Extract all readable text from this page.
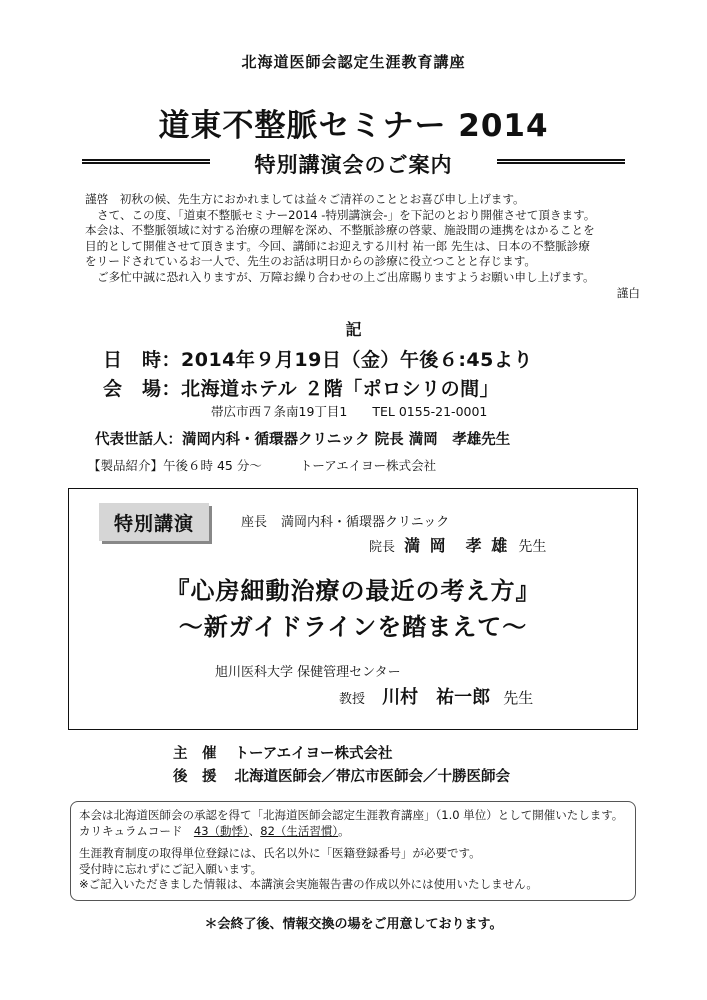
北海道医師会認定生涯教育講座
道東不整脈セミナー 2014
特別講演会のご案内

謹啓　初秋の候、先生方におかれましては益々ご清祥のこととお喜び申し上げます。

さて、この度、「道東不整脈セミナー2014 -特別講演会-」を下記のとおり開催させて頂きます。

本会は、不整脈領域に対する治療の理解を深め、不整脈診療の啓蒙、施設間の連携をはかることを

目的として開催させて頂きます。今回、講師にお迎えする川村 祐一郎 先生は、日本の不整脈診療

をリードされているお一人で、先生のお話は明日からの診療に役立つことと存じます。

ご多忙中誠に恐れ入りますが、万障お繰り合わせの上ご出席賜りますようお願い申し上げます。

謹白

記
日　時：2014年９月19日（金）午後６:45より
会　場：北海道ホテル ２階「ポロシリの間」
帯広市西７条南19丁目1　　TEL 0155-21-0001
代表世話人：満岡内科・循環器クリニック 院長 満岡　孝雄先生
【製品紹介】午後６時 45 分～	トーアエイヨー株式会社
特別講演	座長 満岡内科・循環器クリニック
院長 満 岡　孝 雄 先生
『心房細動治療の最近の考え方』
～新ガイドラインを踏まえて～
旭川医科大学 保健管理センター
教授 川村　祐一郎 先生
主　催 トーアエイヨー株式会社
後　援 北海道医師会／帯広市医師会／十勝医師会

本会は北海道医師会の承認を得て「北海道医師会認定生涯教育講座」（1.0 単位）として開催いたします。

カリキュラムコード　 43（動悸）、82（生活習慣）。

生涯教育制度の取得単位登録には、氏名以外に「医籍登録番号」が必要です。

受付時に忘れずにご記入願います。

※ご記入いただきました情報は、本講演会実施報告書の作成以外には使用いたしません。

＊会終了後、情報交換の場をご用意しております。
